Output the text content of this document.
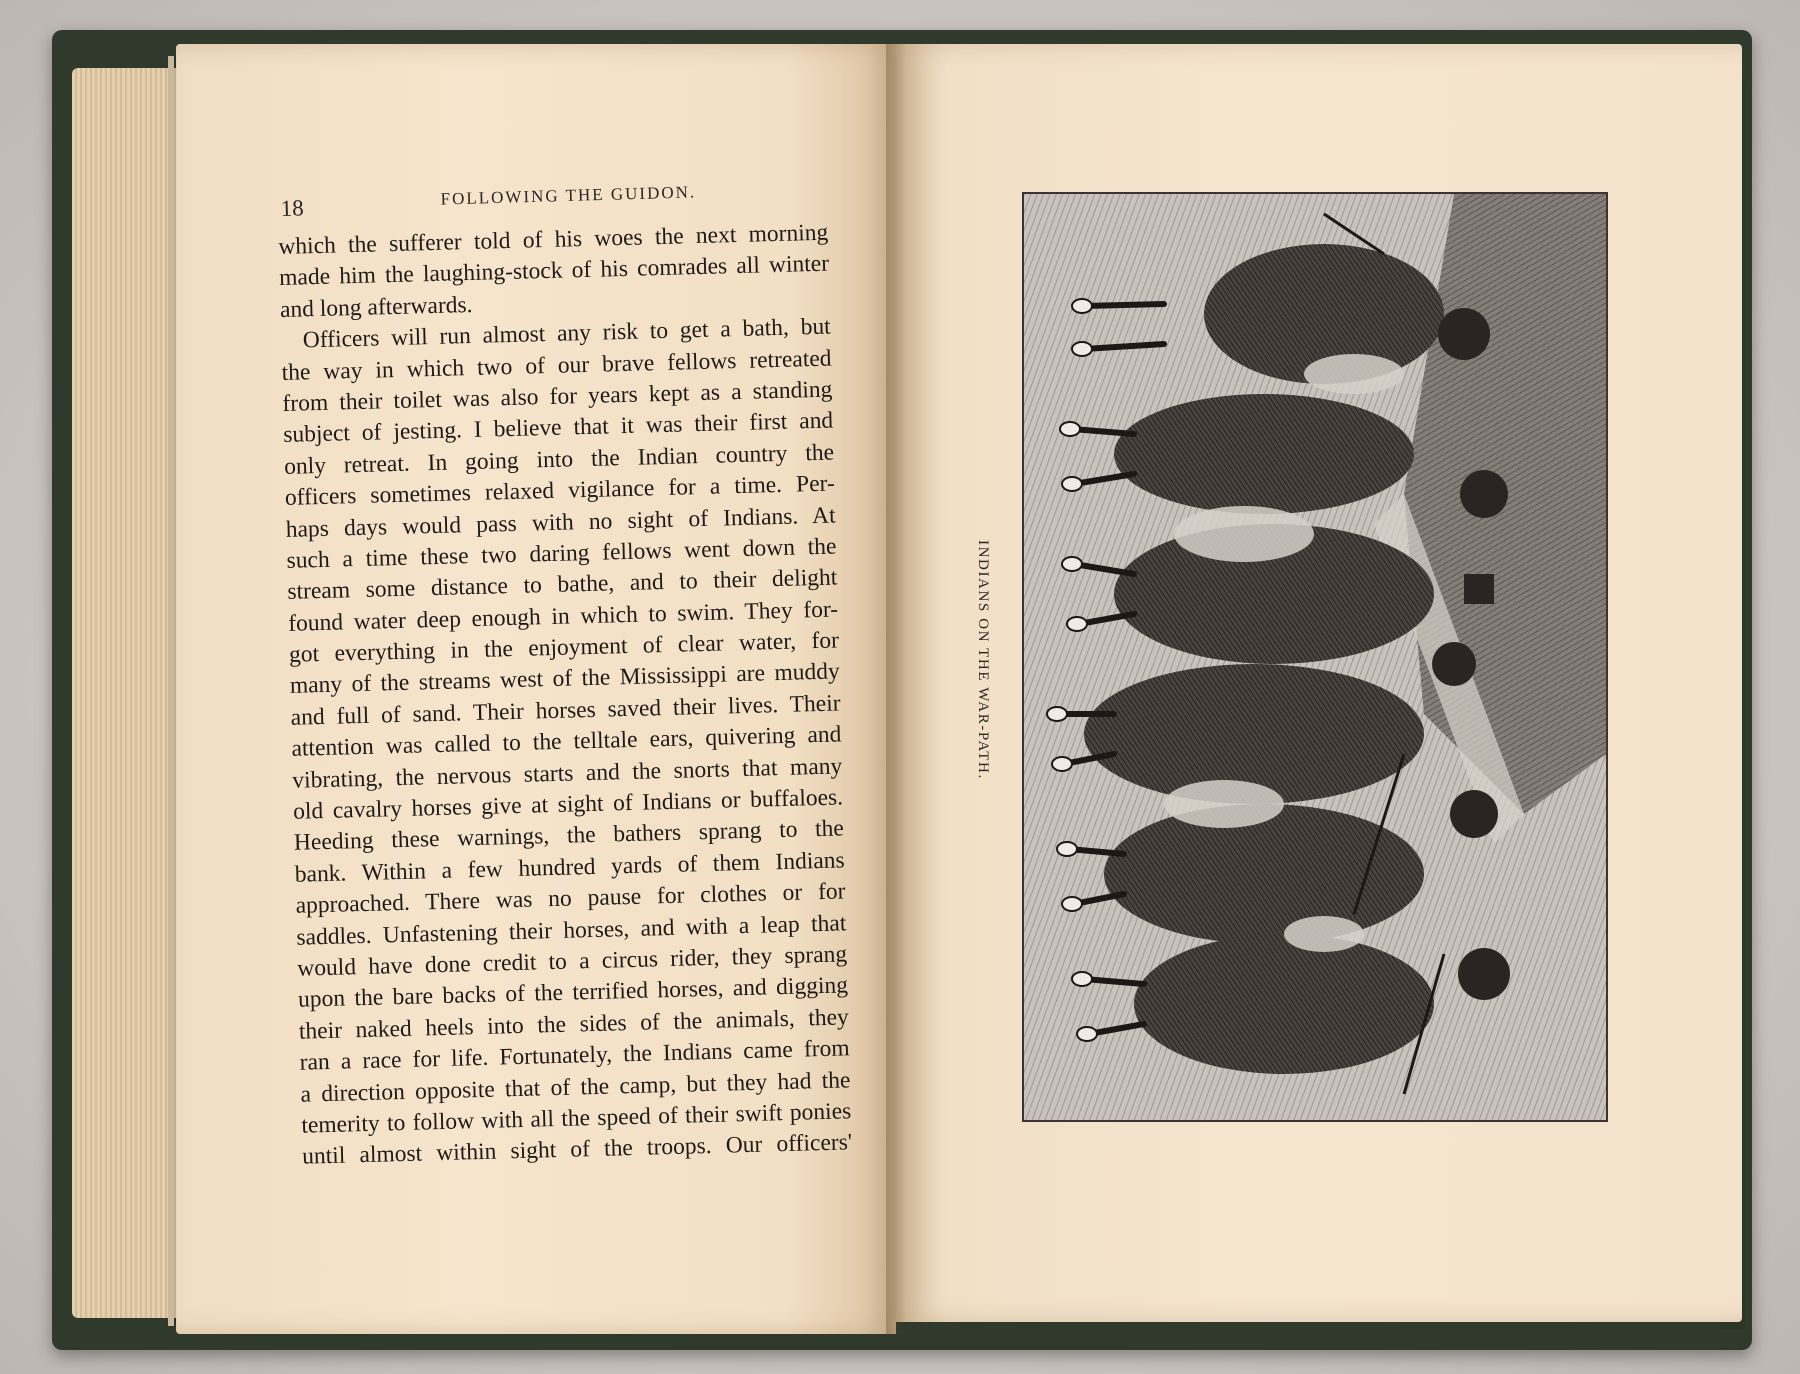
18	FOLLOWING THE GUIDON.
which the sufferer told of his woes the next morning
made him the laughing-stock of his comrades all winter
and long afterwards.
Officers will run almost any risk to get a bath, but
the way in which two of our brave fellows retreated
from their toilet was also for years kept as a standing
subject of jesting. I believe that it was their first and
only retreat. In going into the Indian country the
officers sometimes relaxed vigilance for a time. Per-
haps days would pass with no sight of Indians. At
such a time these two daring fellows went down the
stream some distance to bathe, and to their delight
found water deep enough in which to swim. They for-
got everything in the enjoyment of clear water, for
many of the streams west of the Mississippi are muddy
and full of sand. Their horses saved their lives. Their
attention was called to the telltale ears, quivering and
vibrating, the nervous starts and the snorts that many
old cavalry horses give at sight of Indians or buffaloes.
Heeding these warnings, the bathers sprang to the
bank. Within a few hundred yards of them Indians
approached. There was no pause for clothes or for
saddles. Unfastening their horses, and with a leap that
would have done credit to a circus rider, they sprang
upon the bare backs of the terrified horses, and digging
their naked heels into the sides of the animals, they
ran a race for life. Fortunately, the Indians came from
a direction opposite that of the camp, but they had the
temerity to follow with all the speed of their swift ponies
until almost within sight of the troops. Our officers'
INDIANS ON THE WAR-PATH.
